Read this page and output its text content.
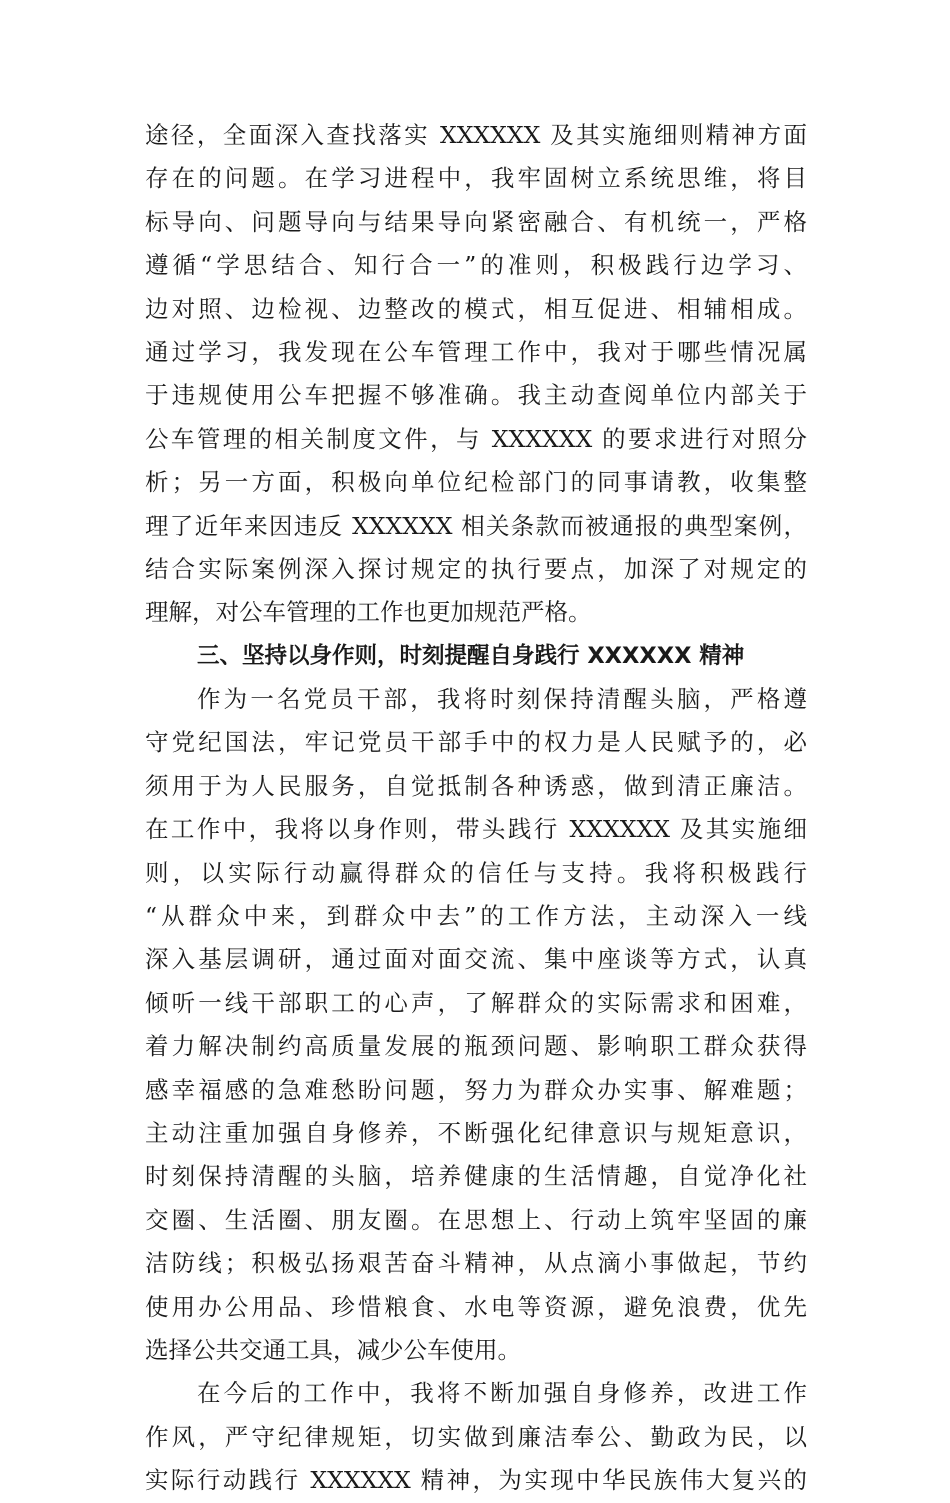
途径，全面深入查找落实 XXXXXX 及其实施细则精神方面
存在的问题。在学习进程中，我牢固树立系统思维，将目
标导向、问题导向与结果导向紧密融合、有机统一，严格
遵循“学思结合、知行合一”的准则，积极践行边学习、
边对照、边检视、边整改的模式，相互促进、相辅相成。
通过学习，我发现在公车管理工作中，我对于哪些情况属
于违规使用公车把握不够准确。我主动查阅单位内部关于
公车管理的相关制度文件，与 XXXXXX 的要求进行对照分
析；另一方面，积极向单位纪检部门的同事请教，收集整
理了近年来因违反 XXXXXX 相关条款而被通报的典型案例，
结合实际案例深入探讨规定的执行要点，加深了对规定的
理解，对公车管理的工作也更加规范严格。
三、坚持以身作则，时刻提醒自身践行 XXXXXX 精神
作为一名党员干部，我将时刻保持清醒头脑，严格遵
守党纪国法，牢记党员干部手中的权力是人民赋予的，必
须用于为人民服务，自觉抵制各种诱惑，做到清正廉洁。
在工作中，我将以身作则，带头践行 XXXXXX 及其实施细
则，以实际行动赢得群众的信任与支持。我将积极践行
“从群众中来，到群众中去”的工作方法，主动深入一线
深入基层调研，通过面对面交流、集中座谈等方式，认真
倾听一线干部职工的心声，了解群众的实际需求和困难，
着力解决制约高质量发展的瓶颈问题、影响职工群众获得
感幸福感的急难愁盼问题，努力为群众办实事、解难题；
主动注重加强自身修养，不断强化纪律意识与规矩意识，
时刻保持清醒的头脑，培养健康的生活情趣，自觉净化社
交圈、生活圈、朋友圈。在思想上、行动上筑牢坚固的廉
洁防线；积极弘扬艰苦奋斗精神，从点滴小事做起，节约
使用办公用品、珍惜粮食、水电等资源，避免浪费，优先
选择公共交通工具，减少公车使用。
在今后的工作中，我将不断加强自身修养，改进工作
作风，严守纪律规矩，切实做到廉洁奉公、勤政为民，以
实际行动践行 XXXXXX 精神，为实现中华民族伟大复兴的
